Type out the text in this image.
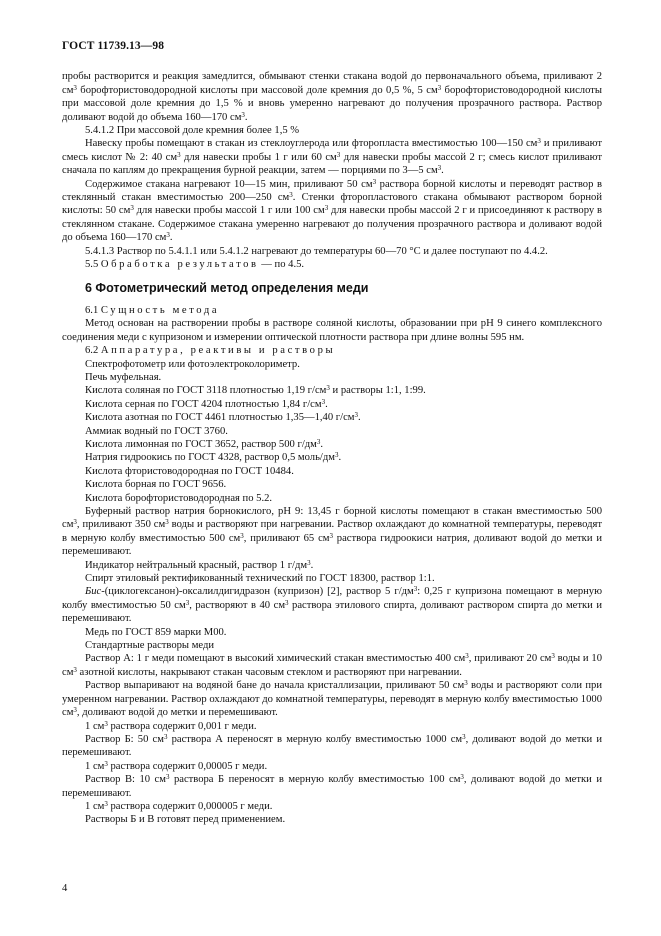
ГОСТ 11739.13—98

пробы растворится и реакция замедлится, обмывают стенки стакана водой до первоначального объема, приливают 2 $см^3$ борофтористоводородной кислоты при массовой доле кремния до 0,5 %, 5 $см^3$ борофтористоводородной кислоты при массовой доле кремния до 1,5 % и вновь умеренно нагревают до получения прозрачного раствора. Раствор доливают водой до объема 160—170 $см^3$.

5.4.1.2 При массовой доле кремния более 1,5 %

Навеску пробы помещают в стакан из стеклоуглерода или фторопласта вместимостью 100—150 $см^3$ и приливают смесь кислот № 2: 40 $см^3$ для навески пробы 1 г или 60 $см^3$ для навески пробы массой 2 г; смесь кислот приливают сначала по каплям до прекращения бурной реакции, затем — порциями по 3—5 $см^3$.

Содержимое стакана нагревают 10—15 мин, приливают 50 $см^3$ раствора борной кислоты и переводят раствор в стеклянный стакан вместимостью 200—250 $см^3$. Стенки фторопластового стакана обмывают раствором борной кислоты: 50 $см^3$ для навески пробы массой 1 г или 100 $см^3$ для навески пробы массой 2 г и присоединяют к раствору в стеклянном стакане. Содержимое стакана умеренно нагревают до получения прозрачного раствора и доливают водой до объема 160—170 $см^3$.

5.4.1.3 Раствор по 5.4.1.1 или 5.4.1.2 нагревают до температуры 60—70 °С и далее поступают по 4.4.2.

5.5 Обработка результатов — по 4.5.

6 Фотометрический метод определения меди

6.1 Сущность метода

Метод основан на растворении пробы в растворе соляной кислоты, образовании при рН 9 синего комплексного соединения меди с купризоном и измерении оптической плотности раствора при длине волны 595 нм.

6.2 Аппаратура, реактивы и растворы

Спектрофотометр или фотоэлектроколориметр.

Печь муфельная.

Кислота соляная по ГОСТ 3118 плотностью 1,19 $г/см^3$ и растворы 1:1, 1:99.

Кислота серная по ГОСТ 4204 плотностью 1,84 $г/см^3$.

Кислота азотная по ГОСТ 4461 плотностью 1,35—1,40 $г/см^3$.

Аммиак водный по ГОСТ 3760.

Кислота лимонная по ГОСТ 3652, раствор 500 $г/дм^3$.

Натрия гидроокись по ГОСТ 4328, раствор 0,5 моль/$дм^3$.

Кислота фтористоводородная по ГОСТ 10484.

Кислота борная по ГОСТ 9656.

Кислота борофтористоводородная по 5.2.

Буферный раствор натрия борнокислого, рН 9: 13,45 г борной кислоты помещают в стакан вместимостью 500 $см^3$, приливают 350 $см^3$ воды и растворяют при нагревании. Раствор охлаждают до комнатной температуры, переводят в мерную колбу вместимостью 500 $см^3$, приливают 65 $см^3$ раствора гидроокиси натрия, доливают водой до метки и перемешивают.

Индикатор нейтральный красный, раствор 1 $г/дм^3$.

Спирт этиловый ректификованный технический по ГОСТ 18300, раствор 1:1.

Бис-(циклогексанон)-оксалилдигидразон (купризон) [2], раствор 5 $г/дм^3$: 0,25 г купризона помещают в мерную колбу вместимостью 50 $см^3$, растворяют в 40 $см^3$ раствора этилового спирта, доливают раствором спирта до метки и перемешивают.

Медь по ГОСТ 859 марки М00.

Стандартные растворы меди

Раствор А: 1 г меди помещают в высокий химический стакан вместимостью 400 $см^3$, приливают 20 $см^3$ воды и 10 $см^3$ азотной кислоты, накрывают стакан часовым стеклом и растворяют при нагревании.

Раствор выпаривают на водяной бане до начала кристаллизации, приливают 50 $см^3$ воды и растворяют соли при умеренном нагревании. Раствор охлаждают до комнатной температуры, переводят в мерную колбу вместимостью 1000 $см^3$, доливают водой до метки и перемешивают.

1 $см^3$ раствора содержит 0,001 г меди.

Раствор Б: 50 $см^3$ раствора А переносят в мерную колбу вместимостью 1000 $см^3$, доливают водой до метки и перемешивают.

1 $см^3$ раствора содержит 0,00005 г меди.

Раствор В: 10 $см^3$ раствора Б переносят в мерную колбу вместимостью 100 $см^3$, доливают водой до метки и перемешивают.

1 $см^3$ раствора содержит 0,000005 г меди.

Растворы Б и В готовят перед применением.

4
